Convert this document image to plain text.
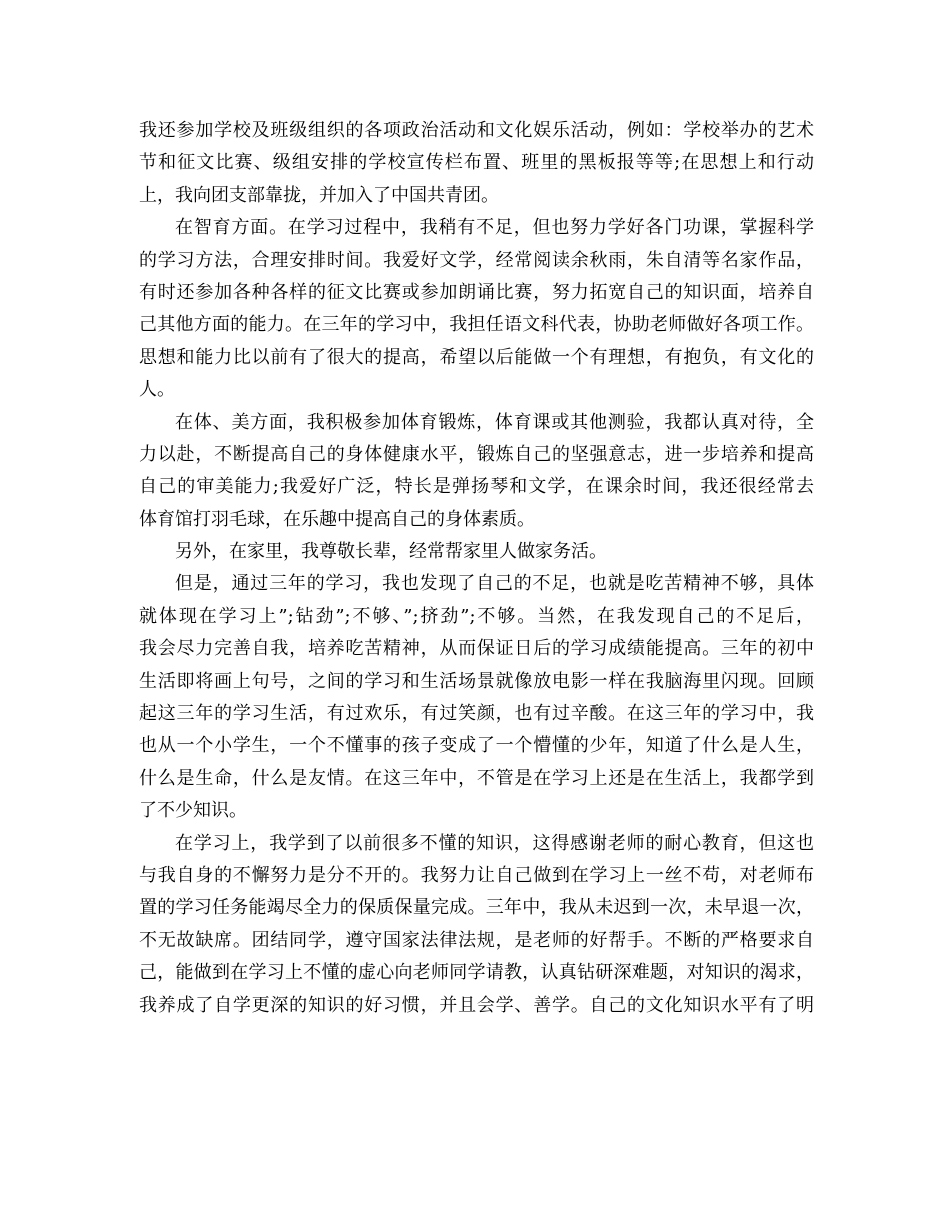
我还参加学校及班级组织的各项政治活动和文化娱乐活动，例如：学校举办的艺术
节和征文比赛、级组安排的学校宣传栏布置、班里的黑板报等等;在思想上和行动
上，我向团支部靠拢，并加入了中国共青团。
在智育方面。在学习过程中，我稍有不足，但也努力学好各门功课，掌握科学
的学习方法，合理安排时间。我爱好文学，经常阅读余秋雨，朱自清等名家作品，
有时还参加各种各样的征文比赛或参加朗诵比赛，努力拓宽自己的知识面，培养自
己其他方面的能力。在三年的学习中，我担任语文科代表，协助老师做好各项工作。
思想和能力比以前有了很大的提高，希望以后能做一个有理想，有抱负，有文化的
人。
在体、美方面，我积极参加体育锻炼，体育课或其他测验，我都认真对待，全
力以赴，不断提高自己的身体健康水平，锻炼自己的坚强意志，进一步培养和提高
自己的审美能力;我爱好广泛，特长是弹扬琴和文学，在课余时间，我还很经常去
体育馆打羽毛球，在乐趣中提高自己的身体素质。
另外，在家里，我尊敬长辈，经常帮家里人做家务活。
但是，通过三年的学习，我也发现了自己的不足，也就是吃苦精神不够，具体
就体现在学习上”;钻劲”;不够、”;挤劲”;不够。当然，在我发现自己的不足后，
我会尽力完善自我，培养吃苦精神，从而保证日后的学习成绩能提高。三年的初中
生活即将画上句号，之间的学习和生活场景就像放电影一样在我脑海里闪现。回顾
起这三年的学习生活，有过欢乐，有过笑颜，也有过辛酸。在这三年的学习中，我
也从一个小学生，一个不懂事的孩子变成了一个懵懂的少年，知道了什么是人生，
什么是生命，什么是友情。在这三年中，不管是在学习上还是在生活上，我都学到
了不少知识。
在学习上，我学到了以前很多不懂的知识，这得感谢老师的耐心教育，但这也
与我自身的不懈努力是分不开的。我努力让自己做到在学习上一丝不苟，对老师布
置的学习任务能竭尽全力的保质保量完成。三年中，我从未迟到一次，未早退一次，
不无故缺席。团结同学，遵守国家法律法规，是老师的好帮手。不断的严格要求自
己，能做到在学习上不懂的虚心向老师同学请教，认真钻研深难题，对知识的渴求，
我养成了自学更深的知识的好习惯，并且会学、善学。自己的文化知识水平有了明
